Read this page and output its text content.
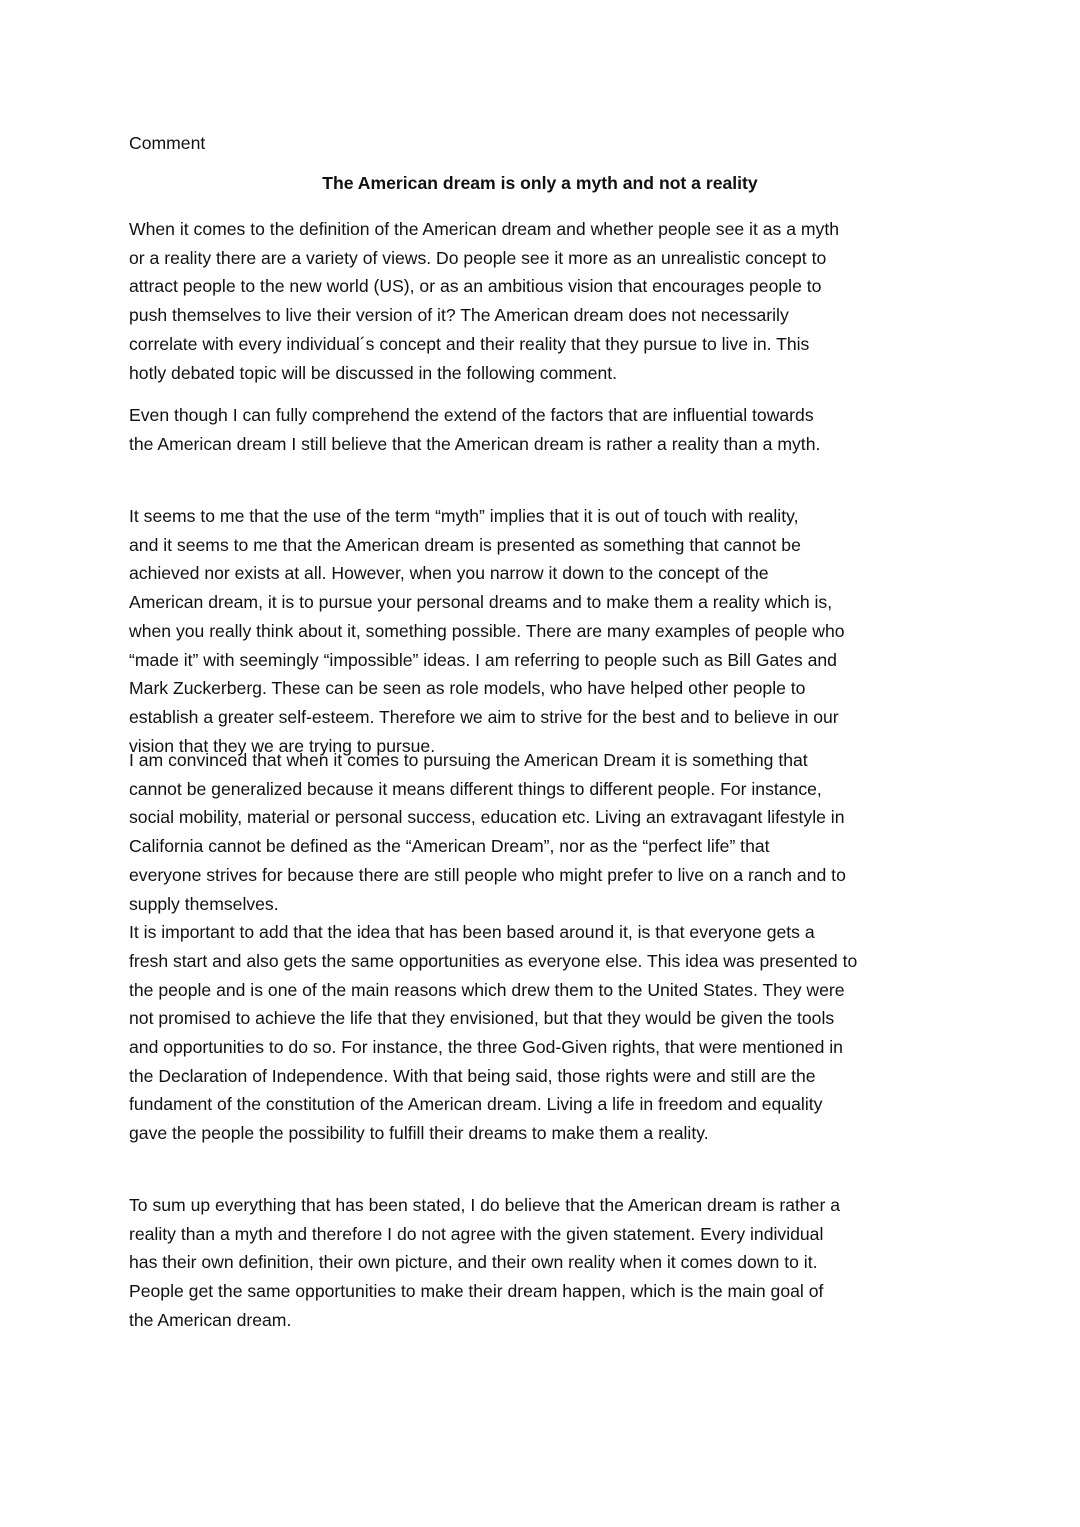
Comment
The American dream is only a myth and not a reality
When it comes to the definition of the American dream and whether people see it as a myth
or a reality there are a variety of views. Do people see it more as an unrealistic concept to
attract people to the new world (US), or as an ambitious vision that encourages people to
push themselves to live their version of it? The American dream does not necessarily
correlate with every individual´s concept and their reality that they pursue to live in. This
hotly debated topic will be discussed in the following comment.
Even though I can fully comprehend the extend of the factors that are influential towards
the American dream I still believe that the American dream is rather a reality than a myth.
It seems to me that the use of the term “myth” implies that it is out of touch with reality,
and it seems to me that the American dream is presented as something that cannot be
achieved nor exists at all. However, when you narrow it down to the concept of the
American dream, it is to pursue your personal dreams and to make them a reality which is,
when you really think about it, something possible. There are many examples of people who
“made it” with seemingly “impossible” ideas. I am referring to people such as Bill Gates and
Mark Zuckerberg. These can be seen as role models, who have helped other people to
establish a greater self-esteem. Therefore we aim to strive for the best and to believe in our
vision that they we are trying to pursue.
I am convinced that when it comes to pursuing the American Dream it is something that
cannot be generalized because it means different things to different people. For instance,
social mobility, material or personal success, education etc. Living an extravagant lifestyle in
California cannot be defined as the “American Dream”, nor as the “perfect life” that
everyone strives for because there are still people who might prefer to live on a ranch and to
supply themselves.
It is important to add that the idea that has been based around it, is that everyone gets a
fresh start and also gets the same opportunities as everyone else. This idea was presented to
the people and is one of the main reasons which drew them to the United States. They were
not promised to achieve the life that they envisioned, but that they would be given the tools
and opportunities to do so. For instance, the three God-Given rights, that were mentioned in
the Declaration of Independence. With that being said, those rights were and still are the
fundament of the constitution of the American dream. Living a life in freedom and equality
gave the people the possibility to fulfill their dreams to make them a reality.
To sum up everything that has been stated, I do believe that the American dream is rather a
reality than a myth and therefore I do not agree with the given statement. Every individual
has their own definition, their own picture, and their own reality when it comes down to it.
People get the same opportunities to make their dream happen, which is the main goal of
the American dream.
